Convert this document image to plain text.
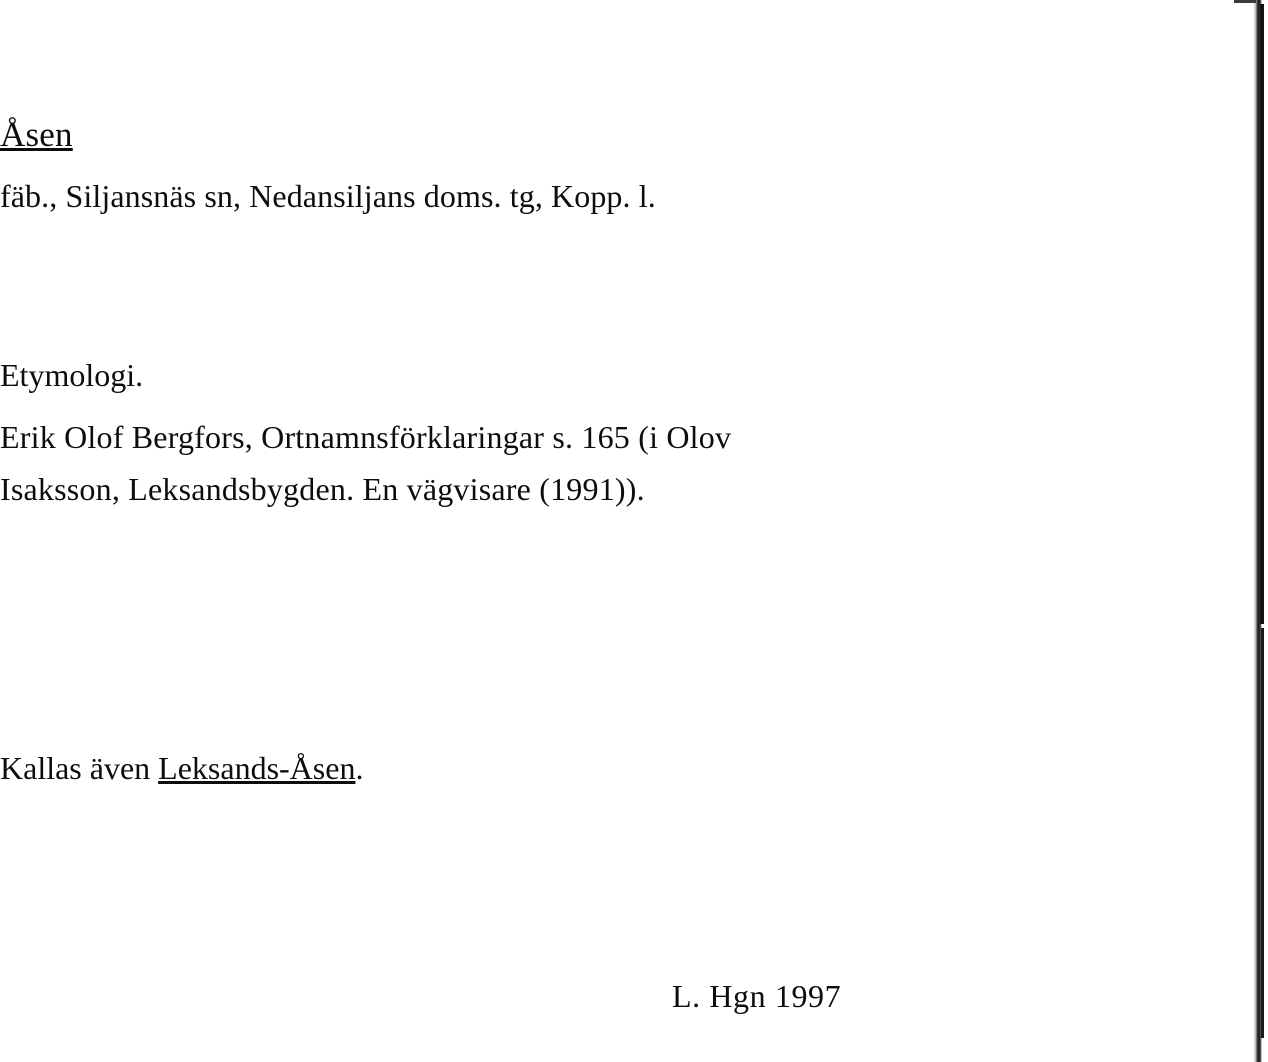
Åsen
fäb., Siljansnäs sn, Nedansiljans doms. tg, Kopp. l.
Etymologi.
Erik Olof Bergfors, Ortnamnsförklaringar s. 165 (i Olov
Isaksson, Leksandsbygden. En vägvisare (1991)).
Kallas även Leksands-Åsen.
L. Hgn 1997
